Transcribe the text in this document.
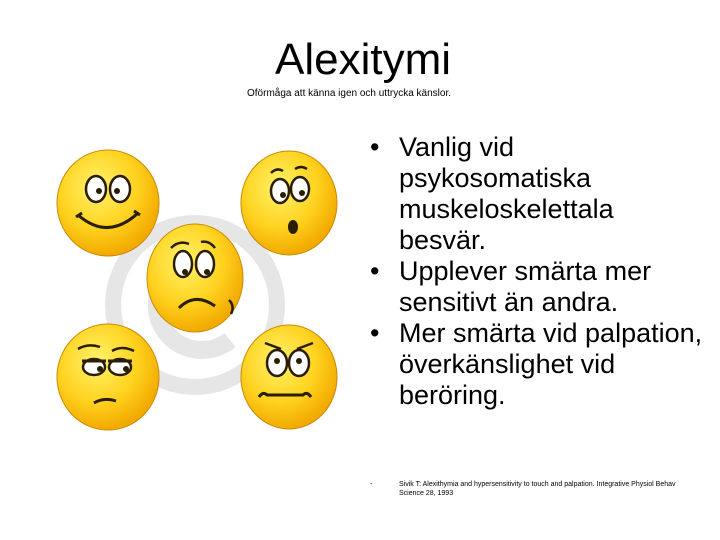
Alexitymi
Oförmåga att känna igen och uttrycka känslor.
• Vanlig vid psykosomatiska muskeloskelettala besvär.
• Upplever smärta mer sensitivt än andra.
• Mer smärta vid palpation, överkänslighet vid beröring.
-	Sivik T: Alexithymia and hypersensitivity to touch and palpation. Integrative Physiol Behav Science 28, 1993
